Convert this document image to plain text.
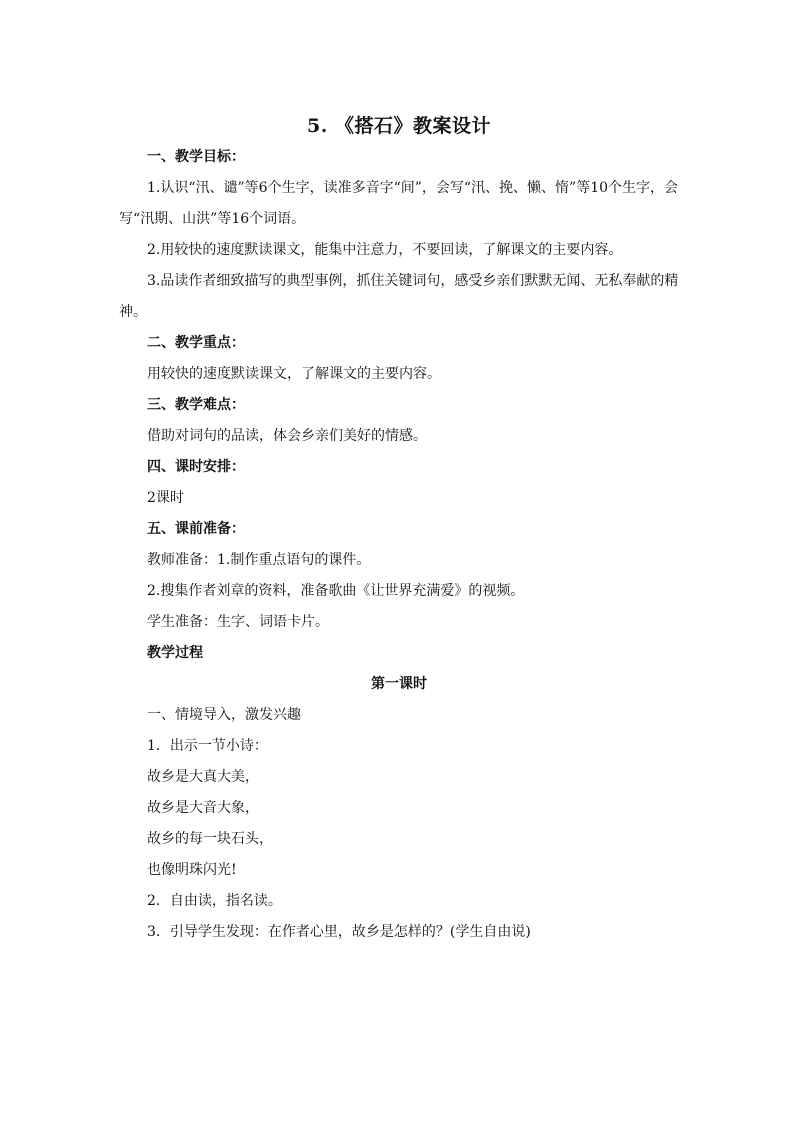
5. 《搭石》教案设计

一、教学目标：

1.认识“汛、谴”等6个生字，读准多音字“间”，会写“汛、挽、懒、惰”等10个生字，会写“汛期、山洪”等16个词语。

2.用较快的速度默读课文，能集中注意力，不要回读，了解课文的主要内容。

3.品读作者细致描写的典型事例，抓住关键词句，感受乡亲们默默无闻、无私奉献的精神。

二、教学重点：

用较快的速度默读课文，了解课文的主要内容。

三、教学难点：

借助对词句的品读，体会乡亲们美好的情感。

四、课时安排：

2课时

五、课前准备：

教师准备：1.制作重点语句的课件。

2.搜集作者刘章的资料，准备歌曲《让世界充满爱》的视频。

学生准备：生字、词语卡片。

教学过程

第一课时

一、情境导入，激发兴趣

1．出示一节小诗：

故乡是大真大美，

故乡是大音大象，

故乡的每一块石头，

也像明珠闪光!

2．自由读，指名读。

3．引导学生发现：在作者心里，故乡是怎样的？(学生自由说)
